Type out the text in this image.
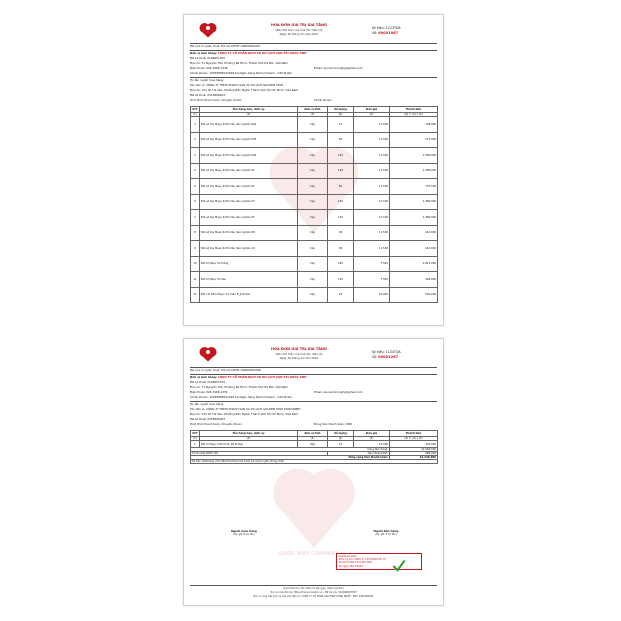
HÓA ĐƠN GIÁ TRỊ GIA TĂNG
(Bản thể hiện của hóa đơn điện tử)
Ngày 26 tháng 12 năm 2023
Ký hiệu: 1C23TDA
Số: 00001067
Mã của cơ quan thuế: M1-23-CPHTL-00000001267
Đơn vị bán hàng: CÔNG TY CỔ PHẦN DỊCH VỤ DU LỊCH VẬN TẢI QUỐC ANH
Mã số thuế: 0108951070
Địa chỉ: 71 Nguyễn Trãi, Phường Ba Đình, Thành Phố Hà Nội, Việt Nam
Điện thoại: 024.3468.1336	Email: quocanhcongty@gmail.com
Số tài khoản: 19035888143018 tại Ngân hàng Techcombank - CN Hà Nội
Họ tên người mua hàng:
Tên đơn vị: CÔNG TY TNHH KHÁCH SẠN VÀ DU LỊCH GOLDEN STAR
Địa chỉ: 123 Võ Thị Sáu, Phường Bến Nghé, Thành phố Hồ Chí Minh, Việt Nam
Mã số thuế: 0315896203
Hình thức thanh toán: Chuyển khoản	Số tài khoản:
STT	Tên hàng hóa, dịch vụ	Đơn vị tính	Số lượng	Đơn giá	Thành tiền
(1)	(2)	(3)	(4)	(5)	(6) = (4) x (5)
1	Bút sổ tay Mayv 4/30 màu đen nghiên 002	Cây	12	11.500	138.000
2	Bút sổ tay Mayv 4/30 màu đen nghiên 003	Cây	50	11.500	575.000
3	Bút sổ tay Mayv 4/30 màu đen nghiên 004	Cây	120	11.500	1.380.000
4	Bút sổ tay Mayv 4/30 màu đen nghiên 01	Cây	120	11.500	1.380.000
5	Bút sổ tay Mayv 4/30 màu đen nghiên 02	Cây	65	11.500	747.500
6	Bút sổ tay Mayv 4/30 màu đen nghiên 03	Cây	120	11.500	1.380.000
7	Bút sổ tay Mayv 4/30 màu đen nghiên 05	Cây	120	11.500	1.380.000
8	Bút sổ tay Mayv 4/30 màu đen nghiên 08	Cây	36	11.500	414.000
9	Bút sổ tay Mayv 4/30 màu đen nghiên 10	Cây	36	11.500	414.000
10	Bút bi Mayv 52 trắng	Cây	240	7.550	1.812.000
11	Bút bi Mayv 52 đen	Cây	120	7.550	906.000
12	Bút chì bấm Mayv 2.0 màu E_210 Sao	Cây	24	20.925	502.200
QUỐC ANH COMPANY
HÓA ĐƠN GIÁ TRỊ GIA TĂNG
(Bản thể hiện của hóa đơn điện tử)
Ngày 26 tháng 12 năm 2024
Ký hiệu: 1C24TQA
Số: 00001267
Mã của cơ quan thuế: M1-24-CPHTL-00000001268
Đơn vị bán hàng: CÔNG TY CỔ PHẦN DỊCH VỤ DU LỊCH VẬN TẢI QUỐC ANH
Mã số thuế: 0108951070
Địa chỉ: 71 Nguyễn Trãi, Phường Ba Đình, Thành Phố Hà Nội, Việt Nam
Điện thoại: 024.3468.1336	Email: quocanhcongty@gmail.com
Số tài khoản: 19035888143018 tại Ngân hàng Techcombank - CN Hà Nội
Họ tên người mua hàng:
Tên đơn vị: CÔNG TY TNHH KHÁCH SẠN VÀ DU LỊCH GOLDEN STAR STATIONERY
Địa chỉ: 123 Võ Thị Sáu, Phường Bến Nghé, Thành phố Hồ Chí Minh, Việt Nam
Mã số thuế: 0315896203
Hình thức thanh toán: Chuyển khoản	Đồng tiền thanh toán: VND
STT	Tên hàng hóa, dịch vụ	Đơn vị tính	Số lượng	Đơn giá	Thành tiền
(1)	(2)	(3)	(4)	(5)	(6) = (4) x (5)
1	Bút bi Mayv 2.0mm M_2R Bi Sao	Hộp	24	14.000	336.000
Cộng tiền hàng:					12.250.000
Thuế suất GTGT: 8%			Tiền thuế GTGT:		980.000
Tổng cộng tiền thanh toán:					13.230.000
Số tiền viết bằng chữ: Mười ba triệu hai trăm ba mươi nghìn đồng chẵn					
Người mua hàng
(Ký, ghi rõ họ tên)
Người bán hàng
(Ký, ghi rõ họ tên)
Signature Valid
Được ký bởi: CÔNG TY CỔ PHẦN DỊCH VỤ
DU LỊCH VẬN TẢI QUỐC ANH
Ký ngày: 26/12/2024
(Cần kiểm tra, đối chiếu khi lập, giao, nhận hóa đơn)
Tra cứu hóa đơn tại: https://tracuu.hoadon.vn - Mã tra cứu: 5C6A9B2D7E1F
Đơn vị cung cấp dịch vụ hóa đơn điện tử: CÔNG TY CỔ PHẦN GIẢI PHÁP CÔNG NGHỆ - MST: 0101360697
